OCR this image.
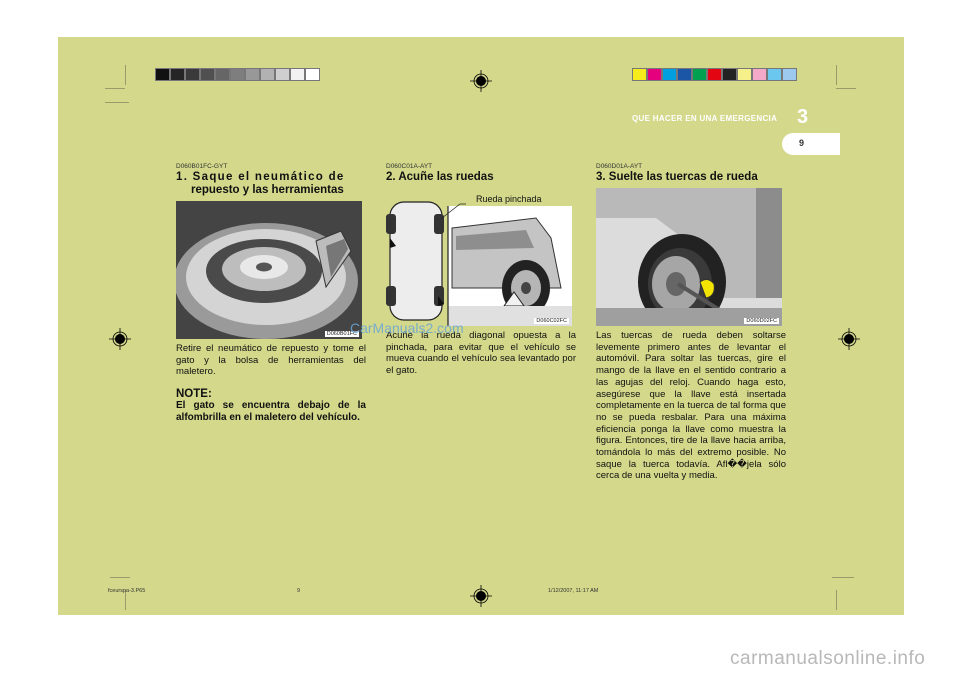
QUE HACER EN UNA EMERGENCIA 3
9
D060B01FC-GYT
1. Saque el neumático de
repuesto y las herramientas
D060B01FC
Retire el neumático de repuesto y tome el gato y la bolsa de herramientas del maletero.
NOTE:
El gato se encuentra debajo de la alfombrilla en el maletero del vehículo.
D060C01A-AYT
2. Acuñe las ruedas
Rueda pinchada
D060C02FC
Acuñe la rueda diagonal opuesta a la pinchada, para evitar que el vehículo se mueva cuando el vehículo sea levantado por el gato.
D060D01A-AYT
3. Suelte las tuercas de rueda
D060D02FC
Las tuercas de rueda deben soltarse levemente primero antes de levantar el automóvil. Para soltar las tuercas, gire el mango de la llave en el sentido contrario a las agujas del reloj. Cuando haga esto, asegúrese que la llave está insertada completamente en la tuerca de tal forma que no se pueda resbalar. Para una máxima eficiencia ponga la llave como muestra la figura. Entonces, tire de la llave hacia arriba, tomándola lo más del extremo posible. No saque la tuerca todavía. Afl��jela sólo cerca de una vuelta y media.
CarManuals2.com
fceurspa-3.P65	9	1/12/2007, 11:17 AM
carmanualsonline.info
